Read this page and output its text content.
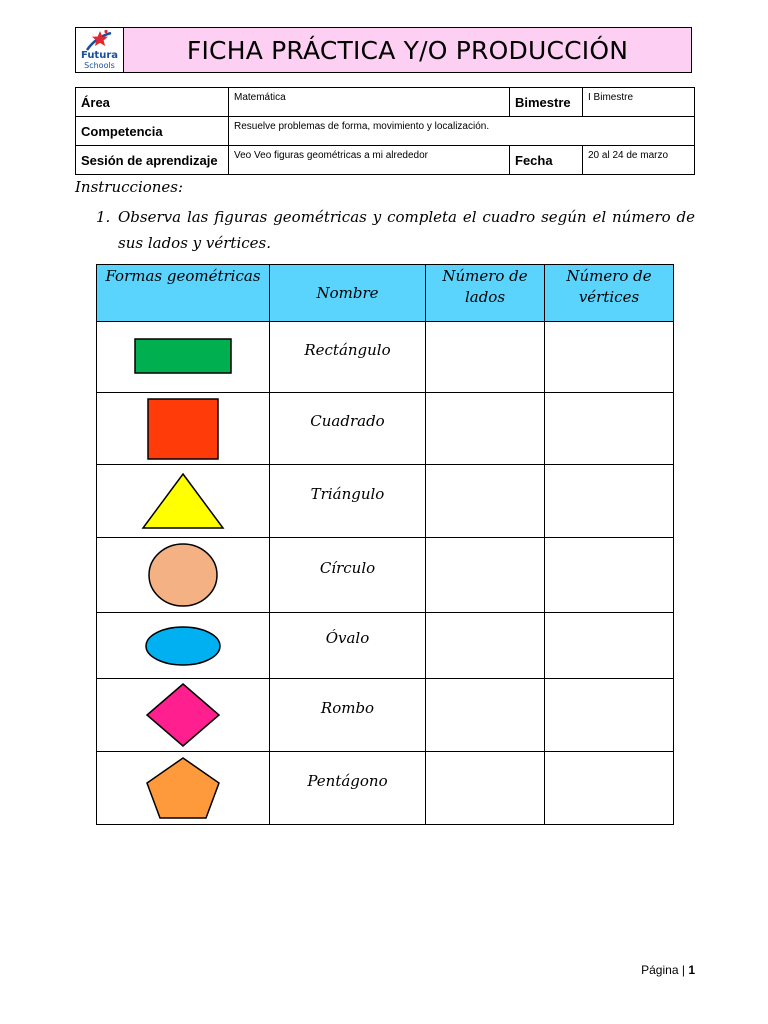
Futura
Schools
FICHA PRÁCTICA Y/O PRODUCCIÓN
Área	Matemática	Bimestre	I Bimestre
Competencia	Resuelve problemas de forma, movimiento y localización.		
Sesión de aprendizaje	Veo Veo figuras geométricas a mi alrededor	Fecha	20 al 24 de marzo
Instrucciones:
1. Observa las figuras geométricas y completa el cuadro según el número de sus lados y vértices.
Formas geométricas	Nombre	Número de lados	Número de vértices

	Rectángulo		

	Cuadrado		

	Triángulo		

	Círculo		

	Óvalo		

	Rombo		

	Pentágono		
Página | 1
